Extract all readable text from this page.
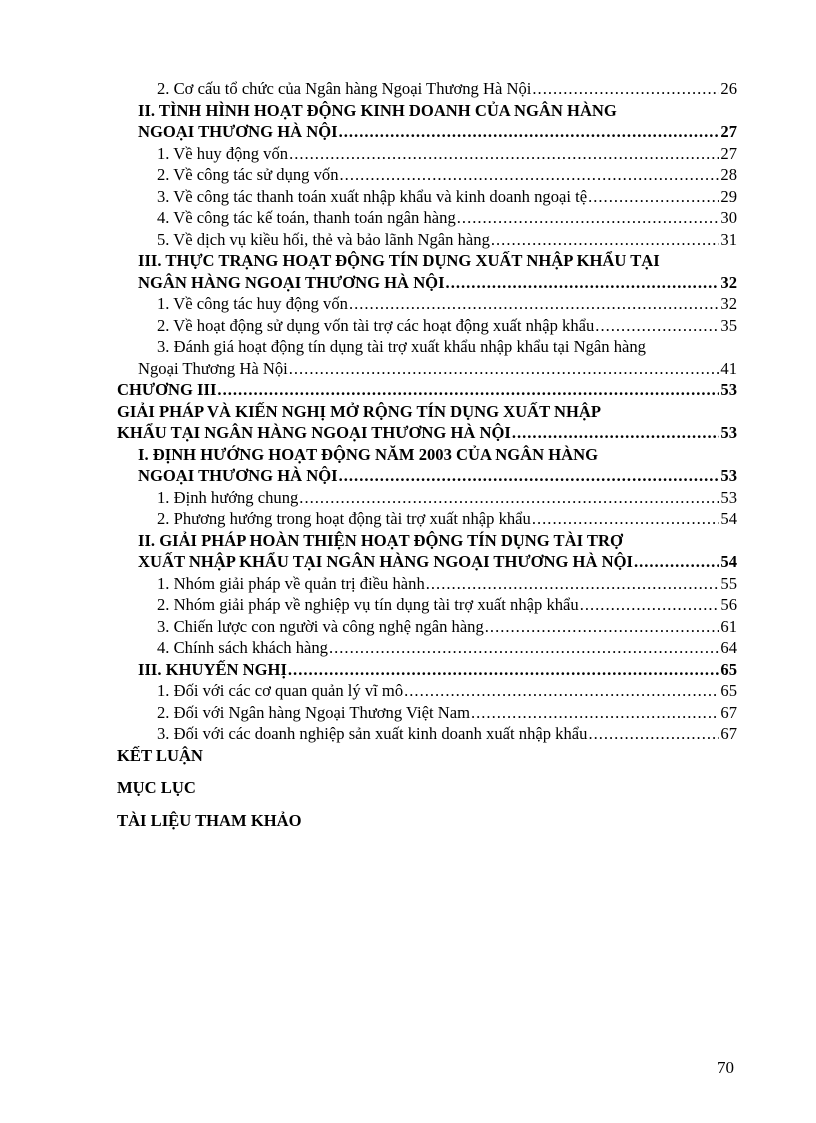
2. Cơ cấu tổ chức của Ngân hàng Ngoại Thương Hà Nội .....	26
II. TÌNH HÌNH HOẠT ĐỘNG KINH DOANH CỦA NGÂN HÀNG
NGOẠI THƯƠNG HÀ NỘI .....	27
1. Về huy động vốn .....	27
2. Về công tác sử dụng vốn .....	28
3. Về công tác thanh toán xuất nhập khẩu và kinh doanh ngoại tệ .....	29
4. Về công tác kế toán, thanh toán ngân hàng .....	30
5. Về dịch vụ kiều hối, thẻ và bảo lãnh Ngân hàng .....	31
III. THỰC TRẠNG HOẠT ĐỘNG TÍN DỤNG XUẤT NHẬP KHẨU TẠI
NGÂN HÀNG NGOẠI THƯƠNG HÀ NỘI .....	32
1. Về công tác huy động vốn .....	32
2. Về hoạt động sử dụng vốn tài trợ các hoạt động xuất nhập khẩu .....	35
3. Đánh giá hoạt động tín dụng tài trợ xuất khẩu nhập khẩu tại Ngân hàng
Ngoại Thương Hà Nội .....	41
CHƯƠNG III .....	53
GIẢI PHÁP VÀ KIẾN NGHỊ MỞ RỘNG TÍN DỤNG XUẤT NHẬP
KHẨU TẠI NGÂN HÀNG NGOẠI THƯƠNG HÀ NỘI .....	53
I. ĐỊNH HƯỚNG HOẠT ĐỘNG NĂM 2003 CỦA NGÂN HÀNG
NGOẠI THƯƠNG HÀ NỘI .....	53
1. Định hướng chung .....	53
2. Phương hướng trong hoạt động tài trợ xuất nhập khẩu .....	54
II. GIẢI PHÁP HOÀN THIỆN HOẠT ĐỘNG TÍN DỤNG TÀI TRỢ
XUẤT NHẬP KHẨU TẠI NGÂN HÀNG NGOẠI THƯƠNG HÀ NỘI .....	54
1. Nhóm giải pháp về quản trị điều hành .....	55
2. Nhóm giải pháp về nghiệp vụ tín dụng tài trợ xuất nhập khẩu .....	56
3. Chiến lược con người và công nghệ ngân hàng .....	61
4. Chính sách khách hàng .....	64
III. KHUYẾN NGHỊ .....	65
1. Đối với các cơ quan quản lý vĩ mô .....	65
2. Đối với Ngân hàng Ngoại Thương Việt Nam .....	67
3. Đối với các doanh nghiệp sản xuất kinh doanh xuất nhập khẩu .....	67
KẾT LUẬN
MỤC LỤC
TÀI LIỆU THAM KHẢO
70
